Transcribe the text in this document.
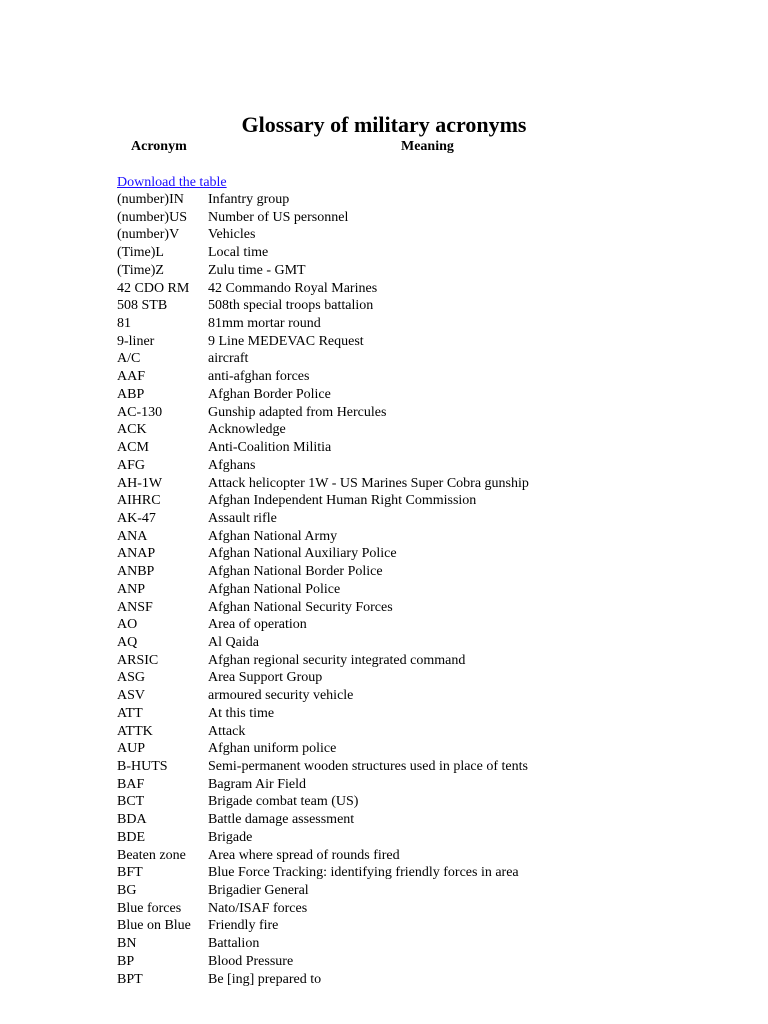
Glossary of military acronyms
Acronym	Meaning
Download the table
(number)IN	Infantry group
(number)US	Number of US personnel
(number)V	Vehicles
(Time)L	Local time
(Time)Z	Zulu time - GMT
42 CDO RM	42 Commando Royal Marines
508 STB	508th special troops battalion
81	81mm mortar round
9-liner	9 Line MEDEVAC Request
A/C	aircraft
AAF	anti-afghan forces
ABP	Afghan Border Police
AC-130	Gunship adapted from Hercules
ACK	Acknowledge
ACM	Anti-Coalition Militia
AFG	Afghans
AH-1W	Attack helicopter 1W - US Marines Super Cobra gunship
AIHRC	Afghan Independent Human Right Commission
AK-47	Assault rifle
ANA	Afghan National Army
ANAP	Afghan National Auxiliary Police
ANBP	Afghan National Border Police
ANP	Afghan National Police
ANSF	Afghan National Security Forces
AO	Area of operation
AQ	Al Qaida
ARSIC	Afghan regional security integrated command
ASG	Area Support Group
ASV	armoured security vehicle
ATT	At this time
ATTK	Attack
AUP	Afghan uniform police
B-HUTS	Semi-permanent wooden structures used in place of tents
BAF	Bagram Air Field
BCT	Brigade combat team (US)
BDA	Battle damage assessment
BDE	Brigade
Beaten zone	Area where spread of rounds fired
BFT	Blue Force Tracking: identifying friendly forces in area
BG	Brigadier General
Blue forces	Nato/ISAF forces
Blue on Blue	Friendly fire
BN	Battalion
BP	Blood Pressure
BPT	Be [ing] prepared to
